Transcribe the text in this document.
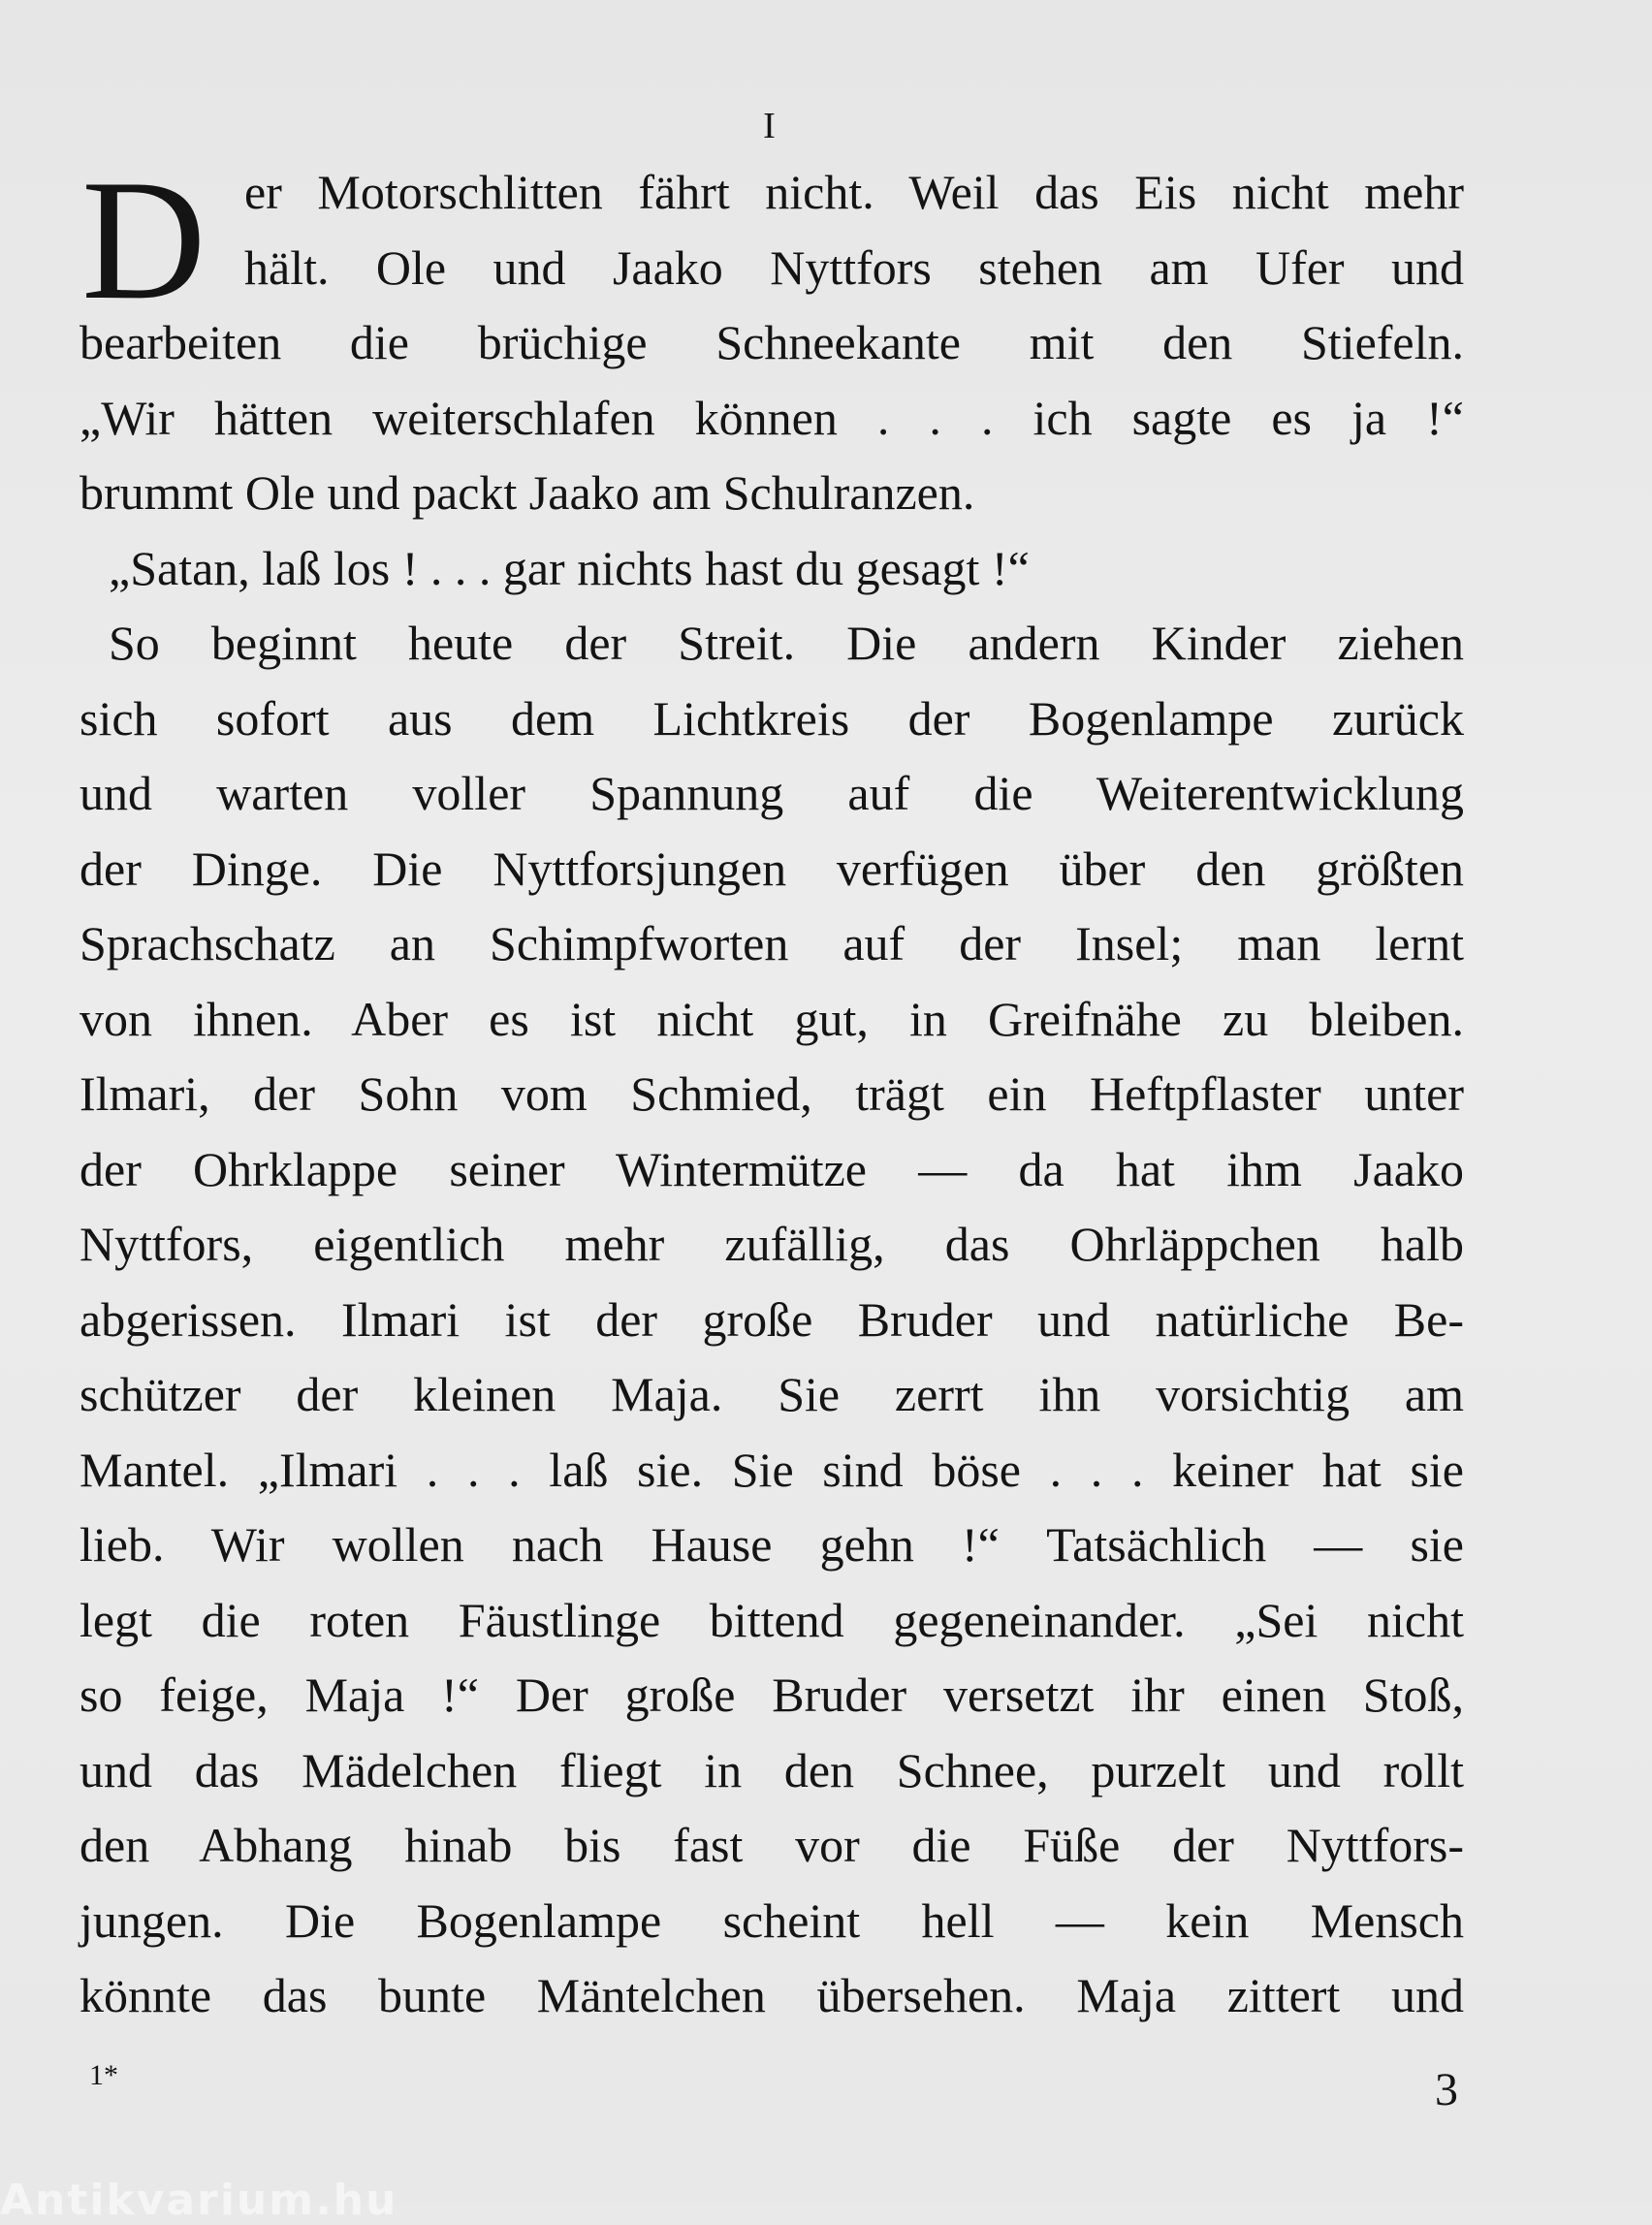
I
D er Motorschlitten fährt nicht. Weil das Eis nicht mehr
hält. Ole und Jaako Nyttfors stehen am Ufer und
bearbeiten die brüchige Schneekante mit den Stiefeln.
„Wir hätten weiterschlafen können . . . ich sagte es ja !“
brummt Ole und packt Jaako am Schulranzen.
„Satan, laß los ! . . . gar nichts hast du gesagt !“
So beginnt heute der Streit. Die andern Kinder ziehen
sich sofort aus dem Lichtkreis der Bogenlampe zurück
und warten voller Spannung auf die Weiterentwicklung
der Dinge. Die Nyttforsjungen verfügen über den größten
Sprachschatz an Schimpfworten auf der Insel; man lernt
von ihnen. Aber es ist nicht gut, in Greifnähe zu bleiben.
Ilmari, der Sohn vom Schmied, trägt ein Heftpflaster unter
der Ohrklappe seiner Wintermütze — da hat ihm Jaako
Nyttfors, eigentlich mehr zufällig, das Ohrläppchen halb
abgerissen. Ilmari ist der große Bruder und natürliche Be-
schützer der kleinen Maja. Sie zerrt ihn vorsichtig am
Mantel. „Ilmari . . . laß sie. Sie sind böse . . . keiner hat sie
lieb. Wir wollen nach Hause gehn !“ Tatsächlich — sie
legt die roten Fäustlinge bittend gegeneinander. „Sei nicht
so feige, Maja !“ Der große Bruder versetzt ihr einen Stoß,
und das Mädelchen fliegt in den Schnee, purzelt und rollt
den Abhang hinab bis fast vor die Füße der Nyttfors-
jungen. Die Bogenlampe scheint hell — kein Mensch
könnte das bunte Mäntelchen übersehen. Maja zittert und
1*	3
Antikvarium.hu
